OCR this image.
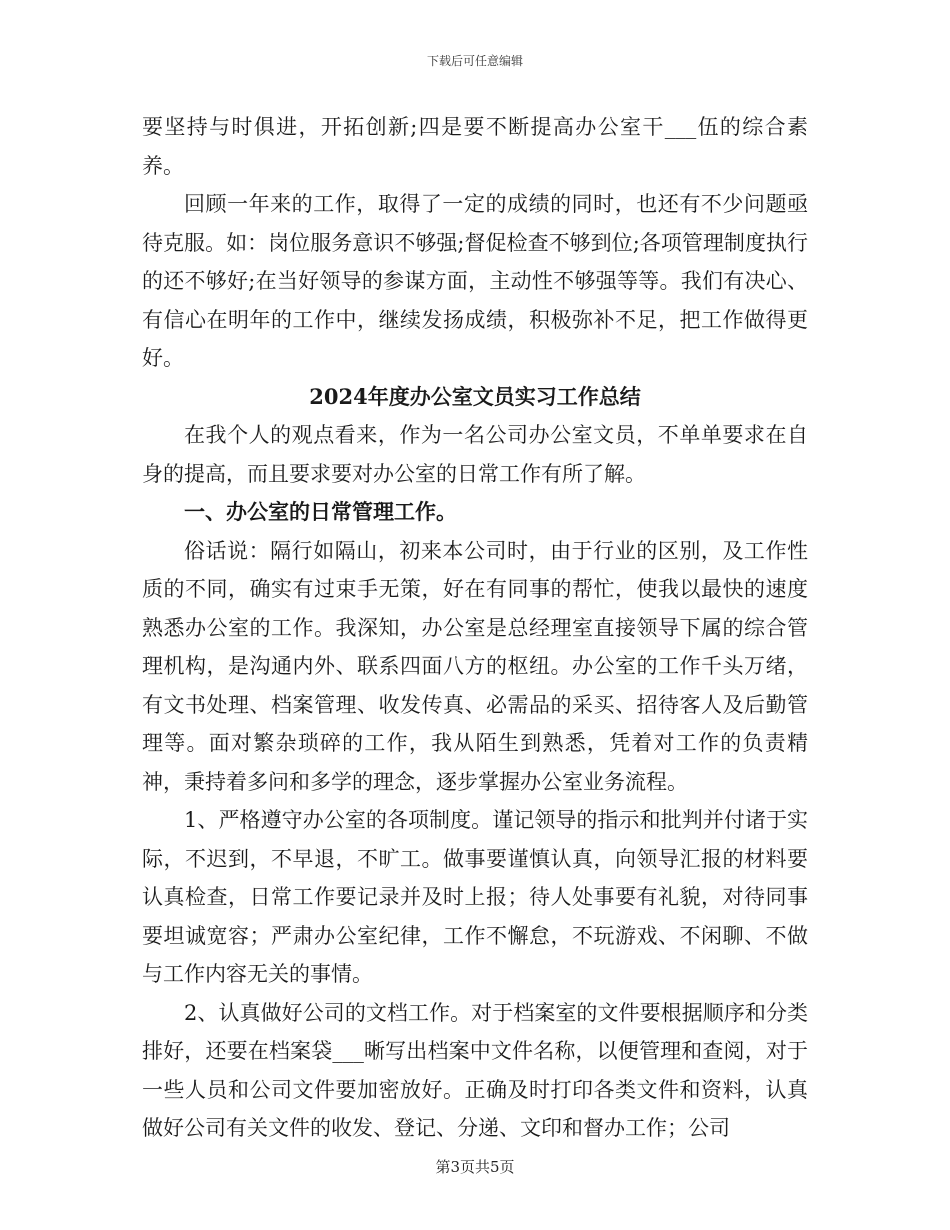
下载后可任意编辑

要坚持与时俱进，开拓创新;四是要不断提高办公室干___伍的综合素养。

回顾一年来的工作，取得了一定的成绩的同时，也还有不少问题亟待克服。如：岗位服务意识不够强;督促检查不够到位;各项管理制度执行的还不够好;在当好领导的参谋方面，主动性不够强等等。我们有决心、有信心在明年的工作中，继续发扬成绩，积极弥补不足，把工作做得更好。

2024年度办公室文员实习工作总结

在我个人的观点看来，作为一名公司办公室文员，不单单要求在自身的提高，而且要求要对办公室的日常工作有所了解。

一、办公室的日常管理工作。

俗话说：隔行如隔山，初来本公司时，由于行业的区别，及工作性质的不同，确实有过束手无策，好在有同事的帮忙，使我以最快的速度熟悉办公室的工作。我深知，办公室是总经理室直接领导下属的综合管理机构，是沟通内外、联系四面八方的枢纽。办公室的工作千头万绪，有文书处理、档案管理、收发传真、必需品的采买、招待客人及后勤管理等。面对繁杂琐碎的工作，我从陌生到熟悉，凭着对工作的负责精神，秉持着多问和多学的理念，逐步掌握办公室业务流程。

1、严格遵守办公室的各项制度。谨记领导的指示和批判并付诸于实际，不迟到，不早退，不旷工。做事要谨慎认真，向领导汇报的材料要认真检查，日常工作要记录并及时上报；待人处事要有礼貌，对待同事要坦诚宽容；严肃办公室纪律，工作不懈怠，不玩游戏、不闲聊、不做与工作内容无关的事情。

2、认真做好公司的文档工作。对于档案室的文件要根据顺序和分类排好，还要在档案袋___晰写出档案中文件名称，以便管理和查阅，对于一些人员和公司文件要加密放好。正确及时打印各类文件和资料，认真做好公司有关文件的收发、登记、分递、文印和督办工作；公司

第3页共5页
